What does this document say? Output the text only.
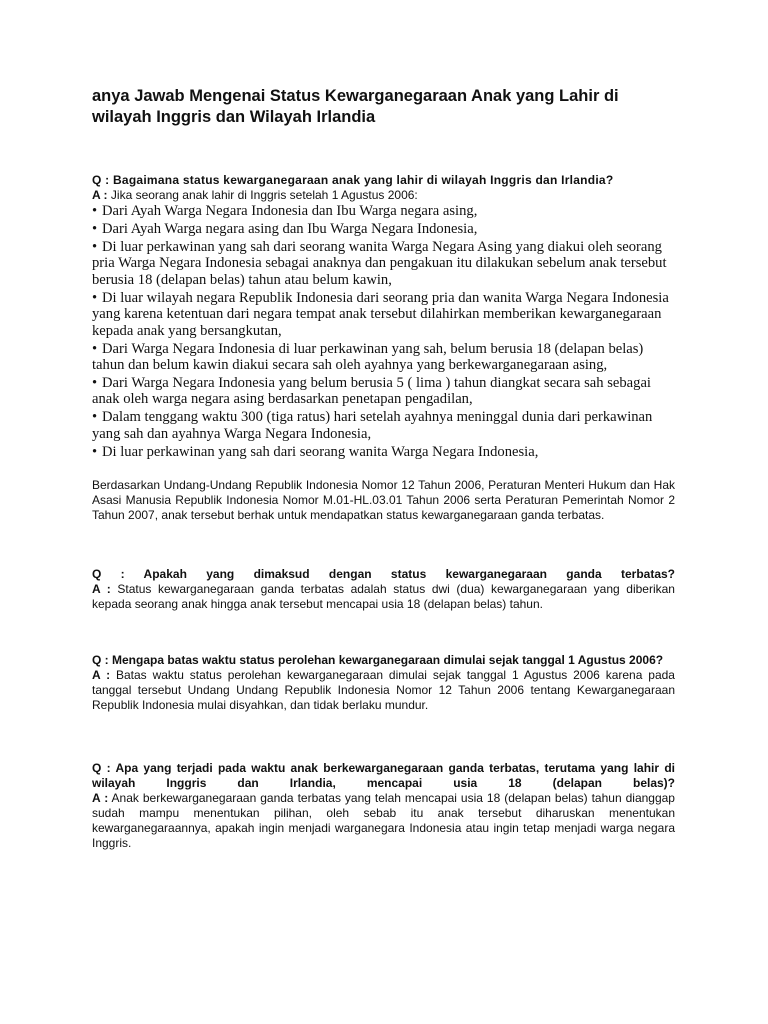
anya Jawab Mengenai Status Kewarganegaraan Anak yang Lahir di wilayah Inggris dan Wilayah Irlandia

Q : Bagaimana status kewarganegaraan anak yang lahir di wilayah Inggris dan Irlandia?

A : Jika seorang anak lahir di Inggris setelah 1 Agustus 2006:

• Dari Ayah Warga Negara Indonesia dan Ibu Warga negara asing,
• Dari Ayah Warga negara asing dan Ibu Warga Negara Indonesia,
• Di luar perkawinan yang sah dari seorang wanita Warga Negara Asing yang diakui oleh seorang pria Warga Negara Indonesia sebagai anaknya dan pengakuan itu dilakukan sebelum anak tersebut berusia 18 (delapan belas) tahun atau belum kawin,
• Di luar wilayah negara Republik Indonesia dari seorang pria dan wanita Warga Negara Indonesia yang karena ketentuan dari negara tempat anak tersebut dilahirkan memberikan kewarganegaraan kepada anak yang bersangkutan,
• Dari Warga Negara Indonesia di luar perkawinan yang sah, belum berusia 18 (delapan belas) tahun dan belum kawin diakui secara sah oleh ayahnya yang berkewarganegaraan asing,
• Dari Warga Negara Indonesia yang belum berusia 5 ( lima ) tahun diangkat secara sah sebagai anak oleh warga negara asing berdasarkan penetapan pengadilan,
• Dalam tenggang waktu 300 (tiga ratus) hari setelah ayahnya meninggal dunia dari perkawinan yang sah dan ayahnya Warga Negara Indonesia,
• Di luar perkawinan yang sah dari seorang wanita Warga Negara Indonesia,

Berdasarkan Undang-Undang Republik Indonesia Nomor 12 Tahun 2006, Peraturan Menteri Hukum dan Hak Asasi Manusia Republik Indonesia Nomor M.01-HL.03.01 Tahun 2006 serta Peraturan Pemerintah Nomor 2 Tahun 2007, anak tersebut berhak untuk mendapatkan status kewarganegaraan ganda terbatas.

Q : Apakah yang dimaksud dengan status kewarganegaraan ganda terbatas?

A : Status kewarganegaraan ganda terbatas adalah status dwi (dua) kewarganegaraan yang diberikan kepada seorang anak hingga anak tersebut mencapai usia 18 (delapan belas) tahun.

Q : Mengapa batas waktu status perolehan kewarganegaraan dimulai sejak tanggal 1 Agustus 2006?

A : Batas waktu status perolehan kewarganegaraan dimulai sejak tanggal 1 Agustus 2006 karena pada tanggal tersebut Undang Undang Republik Indonesia Nomor 12 Tahun 2006 tentang Kewarganegaraan Republik Indonesia mulai disyahkan, dan tidak berlaku mundur.

Q : Apa yang terjadi pada waktu anak berkewarganegaraan ganda terbatas, terutama yang lahir di wilayah Inggris dan Irlandia, mencapai usia 18 (delapan belas)?

A : Anak berkewarganegaraan ganda terbatas yang telah mencapai usia 18 (delapan belas) tahun dianggap sudah mampu menentukan pilihan, oleh sebab itu anak tersebut diharuskan menentukan kewarganegaraannya, apakah ingin menjadi warganegara Indonesia atau ingin tetap menjadi warga negara Inggris.
